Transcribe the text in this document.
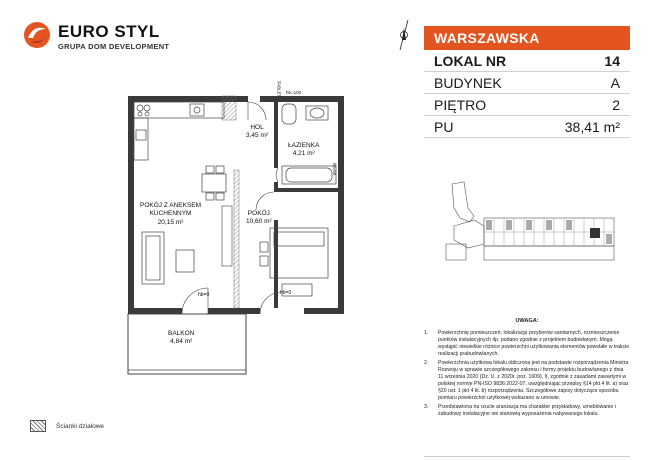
EURO STYL
GRUPA DOM DEVELOPMENT
WARSZAWSKA
LOKAL NR	14
BUDYNEK	A
PIĘTRO	2
PU	38,41 m²
UWAGA:
1.	Powierzchnię pomieszczeń, lokalizację przyborów sanitarnych, rozmieszczenie punktów instalacyjnych itp. podano zgodnie z projektem budowlanym. Mogą wystąpić niewielkie różnice powierzchni użytkowania elementów powstałe w trakcie realizacji prabudowlanych.
2.	Powierzchnia użytkowa lokalu obliczona jest na podstawie rozporządzenia Ministra Rozwoju w sprawie szczegółowego zakresu i formy projektu budowlanego z dnia 11 września 2020 (Dz. U. z 2020r. poz. 1609), §, zgodnie z zasadami zawartymi w polskiej normie PN-ISO 9836:2022-07, uwzględniając przepisy §14 pkt 4 lit. a) oraz §20 ust. 1 pkt 4 lit. b) rozporządzenia. Szczegółowe zapisy dotyczące sposobu pomiaru powierzchni użytkowej wskazano w umowie.
3.	Przedstawiona na rzucie aranżacja ma charakter przykładowy, umeblowanie i zabudowy instalacyjne nie stanowią wyposażenia nabywanego lokalu.
HOL
3,45 m²
ŁAZIENKA
4,21 m²
POKÓJ Z ANEKSEM
KUCHENNYM
20,15 m²
POKÓJ
10,60 m²
BALKON
4,84 m²
TABLET
hb=0	hb=0
hb=100
hb=60
Ścianki działowe
